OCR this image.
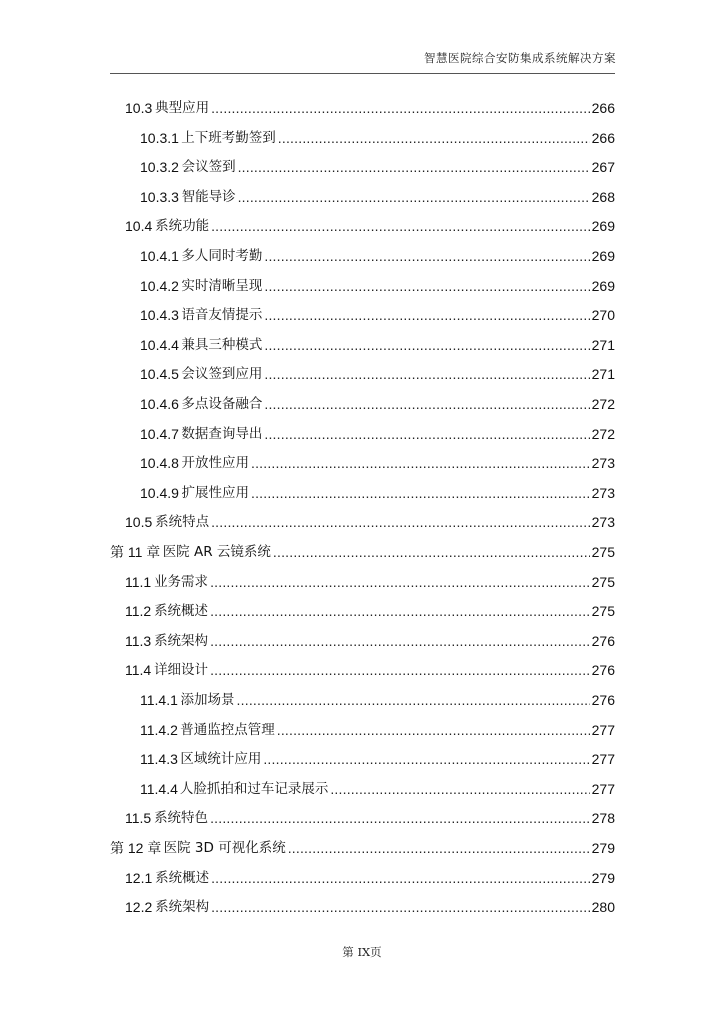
智慧医院综合安防集成系统解决方案
10.3 典型应用 .....	266
10.3.1 上下班考勤签到 .....	266
10.3.2 会议签到 .....	267
10.3.3 智能导诊 .....	268
10.4 系统功能 .....	269
10.4.1 多人同时考勤 .....	269
10.4.2 实时清晰呈现 .....	269
10.4.3 语音友情提示 .....	270
10.4.4 兼具三种模式 .....	271
10.4.5 会议签到应用 .....	271
10.4.6 多点设备融合 .....	272
10.4.7 数据查询导出 .....	272
10.4.8 开放性应用 .....	273
10.4.9 扩展性应用 .....	273
10.5 系统特点 .....	273
第 11 章 医院 AR 云镜系统 .....	275
11.1 业务需求 .....	275
11.2 系统概述 .....	275
11.3 系统架构 .....	276
11.4 详细设计 .....	276
11.4.1 添加场景 .....	276
11.4.2 普通监控点管理 .....	277
11.4.3 区域统计应用 .....	277
11.4.4 人脸抓拍和过车记录展示 .....	277
11.5 系统特色 .....	278
第 12 章 医院 3D 可视化系统 .....	279
12.1 系统概述 .....	279
12.2 系统架构 .....	280
第 IX页
